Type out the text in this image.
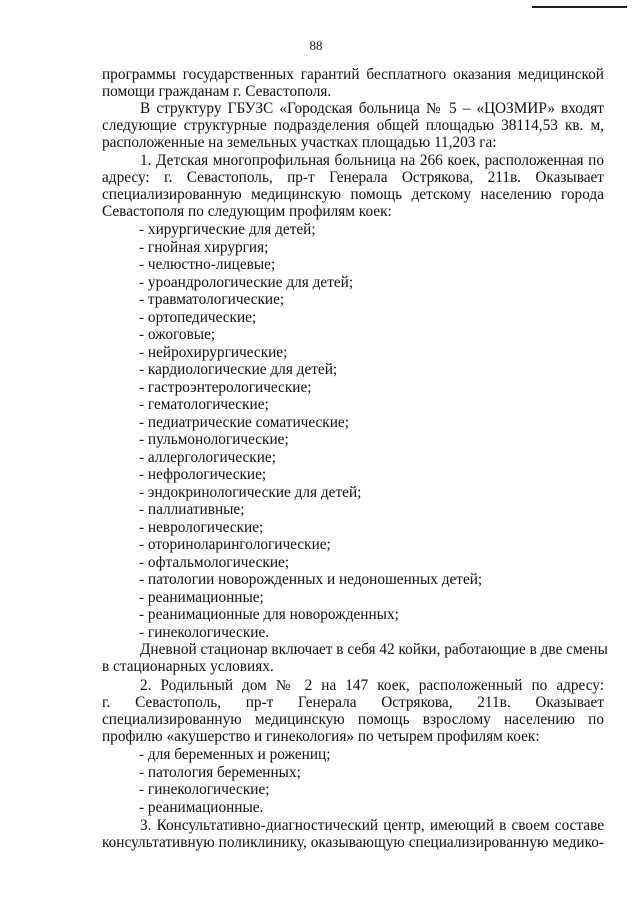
88
программы государственных гарантий бесплатного оказания медицинской
помощи гражданам г. Севастополя.
В структуру ГБУЗС «Городская больница № 5 – «ЦОЗМИР» входят
следующие структурные подразделения общей площадью 38114,53 кв. м,
расположенные на земельных участках площадью 11,203 га:
1. Детская многопрофильная больница на 266 коек, расположенная по
адресу: г. Севастополь, пр-т Генерала Острякова, 211в. Оказывает
специализированную медицинскую помощь детскому населению города
Севастополя по следующим профилям коек:
- хирургические для детей;
- гнойная хирургия;
- челюстно-лицевые;
- уроандрологические для детей;
- травматологические;
- ортопедические;
- ожоговые;
- нейрохирургические;
- кардиологические для детей;
- гастроэнтерологические;
- гематологические;
- педиатрические соматические;
- пульмонологические;
- аллергологические;
- нефрологические;
- эндокринологические для детей;
- паллиативные;
- неврологические;
- оториноларингологические;
- офтальмологические;
- патологии новорожденных и недоношенных детей;
- реанимационные;
- реанимационные для новорожденных;
- гинекологические.
Дневной стационар включает в себя 42 койки, работающие в две смены
в стационарных условиях.
2. Родильный дом № 2 на 147 коек, расположенный по адресу:
г. Севастополь, пр-т Генерала Острякова, 211в. Оказывает
специализированную медицинскую помощь взрослому населению по
профилю «акушерство и гинекология» по четырем профилям коек:
- для беременных и рожениц;
- патология беременных;
- гинекологические;
- реанимационные.
3. Консультативно-диагностический центр, имеющий в своем составе
консультативную поликлинику, оказывающую специализированную медико-
